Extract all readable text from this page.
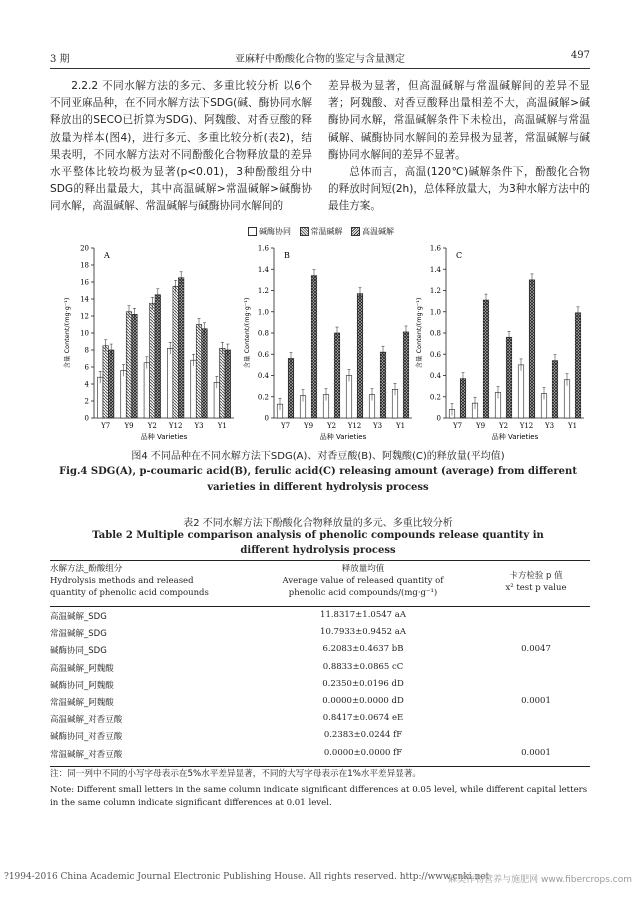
3 期	亚麻籽中酚酸化合物的鉴定与含量测定	497

2.2.2 不同水解方法的多元、多重比较分析 以6个不同亚麻品种，在不同水解方法下SDG(碱、酶协同水解释放出的SECO已折算为SDG)、阿魏酸、对香豆酸的释放量为样本(图4)，进行多元、多重比较分析(表2)，结果表明，不同水解方法对不同酚酸化合物释放量的差异水平整体比较均极为显著(p<0.01)，3种酚酸组分中SDG的释出量最大，其中高温碱解>常温碱解>碱酶协同水解，高温碱解、常温碱解与碱酶协同水解间的

差异极为显著，但高温碱解与常温碱解间的差异不显著；阿魏酸、对香豆酸释出量相差不大，高温碱解>碱酶协同水解，常温碱解条件下未检出，高温碱解与常温碱解、碱酶协同水解间的差异极为显著，常温碱解与碱酶协同水解间的差异不显著。

总体而言，高温(120℃)碱解条件下，酚酸化合物的释放时间短(2h)，总体释放量大，为3种水解方法中的最佳方案。

碱酶协同 常温碱解 高温碱解
0
2
4
6
8
10
12
14
16
18
20
A
含量 Content/(mg·g⁻¹)
Y7 Y9 Y2 Y12 Y3 Y1
品种 Varieties
0
0.2
0.4
0.6
0.8
1.0
1.2
1.4
1.6
B
含量 Content/(mg·g⁻¹)
Y7 Y9 Y2 Y12 Y3 Y1
品种 Varieties
0
0.2
0.4
0.6
0.8
1.0
1.2
1.4
1.6
C
含量 Content/(mg·g⁻¹)
Y7 Y9 Y2 Y12 Y3 Y1
品种 Varieties
图4 不同品种在不同水解方法下SDG(A)、对香豆酸(B)、阿魏酸(C)的释放量(平均值)
Fig.4 SDG(A), p-coumaric acid(B), ferulic acid(C) releasing amount (average) from different
varieties in different hydrolysis process
表2 不同水解方法下酚酸化合物释放量的多元、多重比较分析
Table 2 Multiple comparison analysis of phenolic compounds release quantity in
different hydrolysis process
水解方法_酚酸组分
Hydrolysis methods and released
quantity of phenolic acid compounds
释放量均值
Average value of released quantity of
phenolic acid compounds/(mg·g⁻¹)
卡方检验 p 值
x² test p value
高温碱解_SDG	11.8317±1.0547 aA
常温碱解_SDG	10.7933±0.9452 aA
碱酶协同_SDG	6.2083±0.4637 bB	0.0047
高温碱解_阿魏酸	0.8833±0.0865 cC
碱酶协同_阿魏酸	0.2350±0.0196 dD
常温碱解_阿魏酸	0.0000±0.0000 dD	0.0001
高温碱解_对香豆酸	0.8417±0.0674 eE
碱酶协同_对香豆酸	0.2383±0.0244 fF
常温碱解_对香豆酸	0.0000±0.0000 fF	0.0001
注：同一列中不同的小写字母表示在5%水平差异显著，不同的大写字母表示在1%水平差异显著。
Note: Different small letters in the same column indicate significant differences at 0.05 level, while different capital letters in the same column indicate significant differences at 0.01 level.
?1994-2016 China Academic Journal Electronic Publishing House. All rights reserved. http://www.cnki.net
麻类作物营养与施肥网 www.fibercrops.com
